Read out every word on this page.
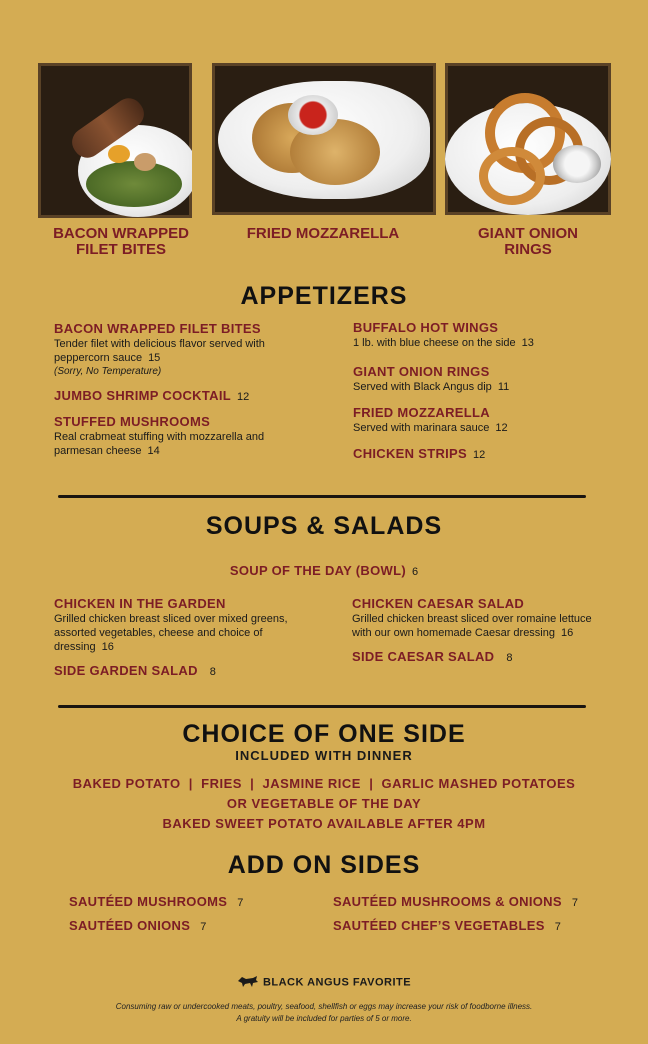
BACON WRAPPED
FILET BITES
FRIED MOZZARELLA	GIANT ONION
RINGS
APPETIZERS
BACON WRAPPED FILET BITES
Tender filet with delicious flavor served with peppercorn sauce 15
(Sorry, No Temperature)
JUMBO SHRIMP COCKTAIL 12
STUFFED MUSHROOMS
Real crabmeat stuffing with mozzarella and parmesan cheese 14
BUFFALO HOT WINGS
1 lb. with blue cheese on the side 13
GIANT ONION RINGS
Served with Black Angus dip 11
FRIED MOZZARELLA
Served with marinara sauce 12
CHICKEN STRIPS 12
SOUPS & SALADS
SOUP OF THE DAY (BOWL) 6
CHICKEN IN THE GARDEN
Grilled chicken breast sliced over mixed greens, assorted vegetables, cheese and choice of dressing 16
SIDE GARDEN SALAD 8
CHICKEN CAESAR SALAD
Grilled chicken breast sliced over romaine lettuce with our own homemade Caesar dressing 16
SIDE CAESAR SALAD 8
CHOICE OF ONE SIDE
INCLUDED WITH DINNER
BAKED POTATO  |  FRIES  |  JASMINE RICE  |  GARLIC MASHED POTATOES
OR VEGETABLE OF THE DAY
BAKED SWEET POTATO AVAILABLE AFTER 4PM
ADD ON SIDES
SAUTÉED MUSHROOMS 7
SAUTÉED ONIONS 7
SAUTÉED MUSHROOMS & ONIONS 7
SAUTÉED CHEF’S VEGETABLES 7
BLACK ANGUS FAVORITE
Consuming raw or undercooked meats, poultry, seafood, shellfish or eggs may increase your risk of foodborne illness.
A gratuity will be included for parties of 5 or more.
